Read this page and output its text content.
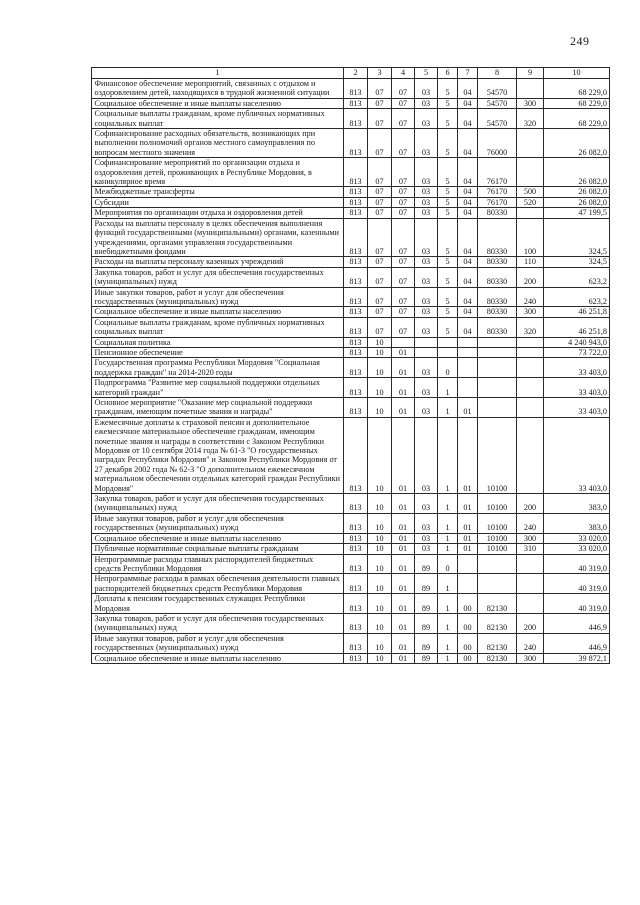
249
1	2	3	4	5	6	7	8	9	10
Финансовое обеспечение мероприятий, связанных с отдыхом и оздоровлением детей, находящихся в трудной жизненной ситуации	813	07	07	03	5	04	54570		68 229,0
Социальное обеспечение и иные выплаты населению	813	07	07	03	5	04	54570	300	68 229,0
Социальные выплаты гражданам, кроме публичных нормативных социальных выплат	813	07	07	03	5	04	54570	320	68 229,0
Софинансирование расходных обязательств, возникающих при выполнении полномочий органов местного самоуправления по вопросам местного значения	813	07	07	03	5	04	76000		26 082,0
Софинансирование мероприятий по организации отдыха и оздоровления детей, проживающих в Республике Мордовия, в каникулярное время	813	07	07	03	5	04	76170		26 082,0
Межбюджетные трансферты	813	07	07	03	5	04	76170	500	26 082,0
Субсидии	813	07	07	03	5	04	76170	520	26 082,0
Мероприятия по организации отдыха и оздоровления детей	813	07	07	03	5	04	80330		47 199,5
Расходы на выплаты персоналу в целях обеспечения выполнения функций государственными (муниципальными) органами, казенными учреждениями, органами управления государственными внебюджетными фондами	813	07	07	03	5	04	80330	100	324,5
Расходы на выплаты персоналу казенных учреждений	813	07	07	03	5	04	80330	110	324,5
Закупка товаров, работ и услуг для обеспечения государственных (муниципальных) нужд	813	07	07	03	5	04	80330	200	623,2
Иные закупки товаров, работ и услуг для обеспечения государственных (муниципальных) нужд	813	07	07	03	5	04	80330	240	623,2
Социальное обеспечение и иные выплаты населению	813	07	07	03	5	04	80330	300	46 251,8
Социальные выплаты гражданам, кроме публичных нормативных социальных выплат	813	07	07	03	5	04	80330	320	46 251,8
Социальная политика	813	10							4 240 943,0
Пенсионное обеспечение	813	10	01						73 722,0
Государственная программа Республики Мордовия "Социальная поддержка граждан" на 2014-2020 годы	813	10	01	03	0				33 403,0
Подпрограмма "Развитие мер социальной поддержки отдельных категорий граждан"	813	10	01	03	1				33 403,0
Основное мероприятие "Оказание мер социальной поддержки гражданам, имеющим почетные звания и награды"	813	10	01	03	1	01			33 403,0
Ежемесячные доплаты к страховой пенсии и дополнительное ежемесячное материальное обеспечение гражданам, имеющим почетные звания и награды в соответствии с Законом Республики Мордовия от 10 сентября 2014 года № 61-З "О государственных наградах Республики Мордовия" и Законом Республики Мордовия от 27 декабря 2002 года № 62-З "О дополнительном ежемесячном материальном обеспечении отдельных категорий граждан Республики Мордовия"	813	10	01	03	1	01	10100		33 403,0
Закупка товаров, работ и услуг для обеспечения государственных (муниципальных) нужд	813	10	01	03	1	01	10100	200	383,0
Иные закупки товаров, работ и услуг для обеспечения государственных (муниципальных) нужд	813	10	01	03	1	01	10100	240	383,0
Социальное обеспечение и иные выплаты населению	813	10	01	03	1	01	10100	300	33 020,0
Публичные нормативные социальные выплаты гражданам	813	10	01	03	1	01	10100	310	33 020,0
Непрограммные расходы главных распорядителей бюджетных средств Республики Мордовия	813	10	01	89	0				40 319,0
Непрограммные расходы в рамках обеспечения деятельности главных распорядителей бюджетных средств Республики Мордовия	813	10	01	89	1				40 319,0
Доплаты к пенсиям государственных служащих Республики Мордовия	813	10	01	89	1	00	82130		40 319,0
Закупка товаров, работ и услуг для обеспечения государственных (муниципальных) нужд	813	10	01	89	1	00	82130	200	446,9
Иные закупки товаров, работ и услуг для обеспечения государственных (муниципальных) нужд	813	10	01	89	1	00	82130	240	446,9
Социальное обеспечение и иные выплаты населению	813	10	01	89	1	00	82130	300	39 872,1
